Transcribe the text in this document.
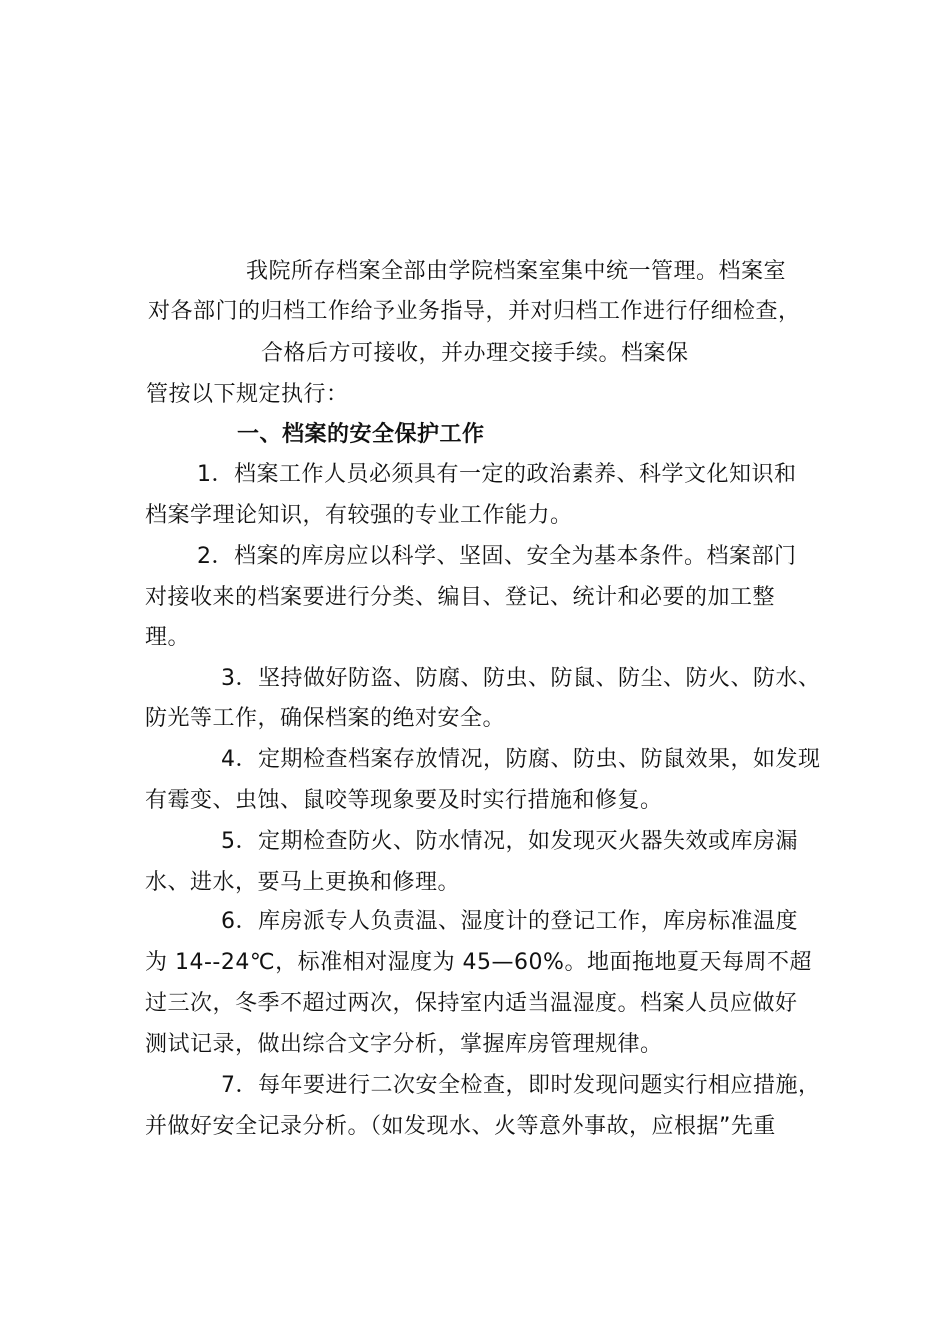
我院所存档案全部由学院档案室集中统一管理。档案室
对各部门的归档工作给予业务指导，并对归档工作进行仔细检查，
合格后方可接收，并办理交接手续。档案保
管按以下规定执行：
一、档案的安全保护工作
1．档案工作人员必须具有一定的政治素养、科学文化知识和
档案学理论知识，有较强的专业工作能力。
2．档案的库房应以科学、坚固、安全为基本条件。档案部门
对接收来的档案要进行分类、编目、登记、统计和必要的加工整
理。
3．坚持做好防盗、防腐、防虫、防鼠、防尘、防火、防水、
防光等工作，确保档案的绝对安全。
4．定期检查档案存放情况，防腐、防虫、防鼠效果，如发现
有霉变、虫蚀、鼠咬等现象要及时实行措施和修复。
5．定期检查防火、防水情况，如发现灭火器失效或库房漏
水、进水，要马上更换和修理。
6．库房派专人负责温、湿度计的登记工作，库房标准温度
为 14--24℃，标准相对湿度为 45—60%。地面拖地夏天每周不超
过三次，冬季不超过两次，保持室内适当温湿度。档案人员应做好
测试记录，做出综合文字分析，掌握库房管理规律。
7．每年要进行二次安全检查，即时发现问题实行相应措施，
并做好安全记录分析。（如发现水、火等意外事故，应根据”先重
